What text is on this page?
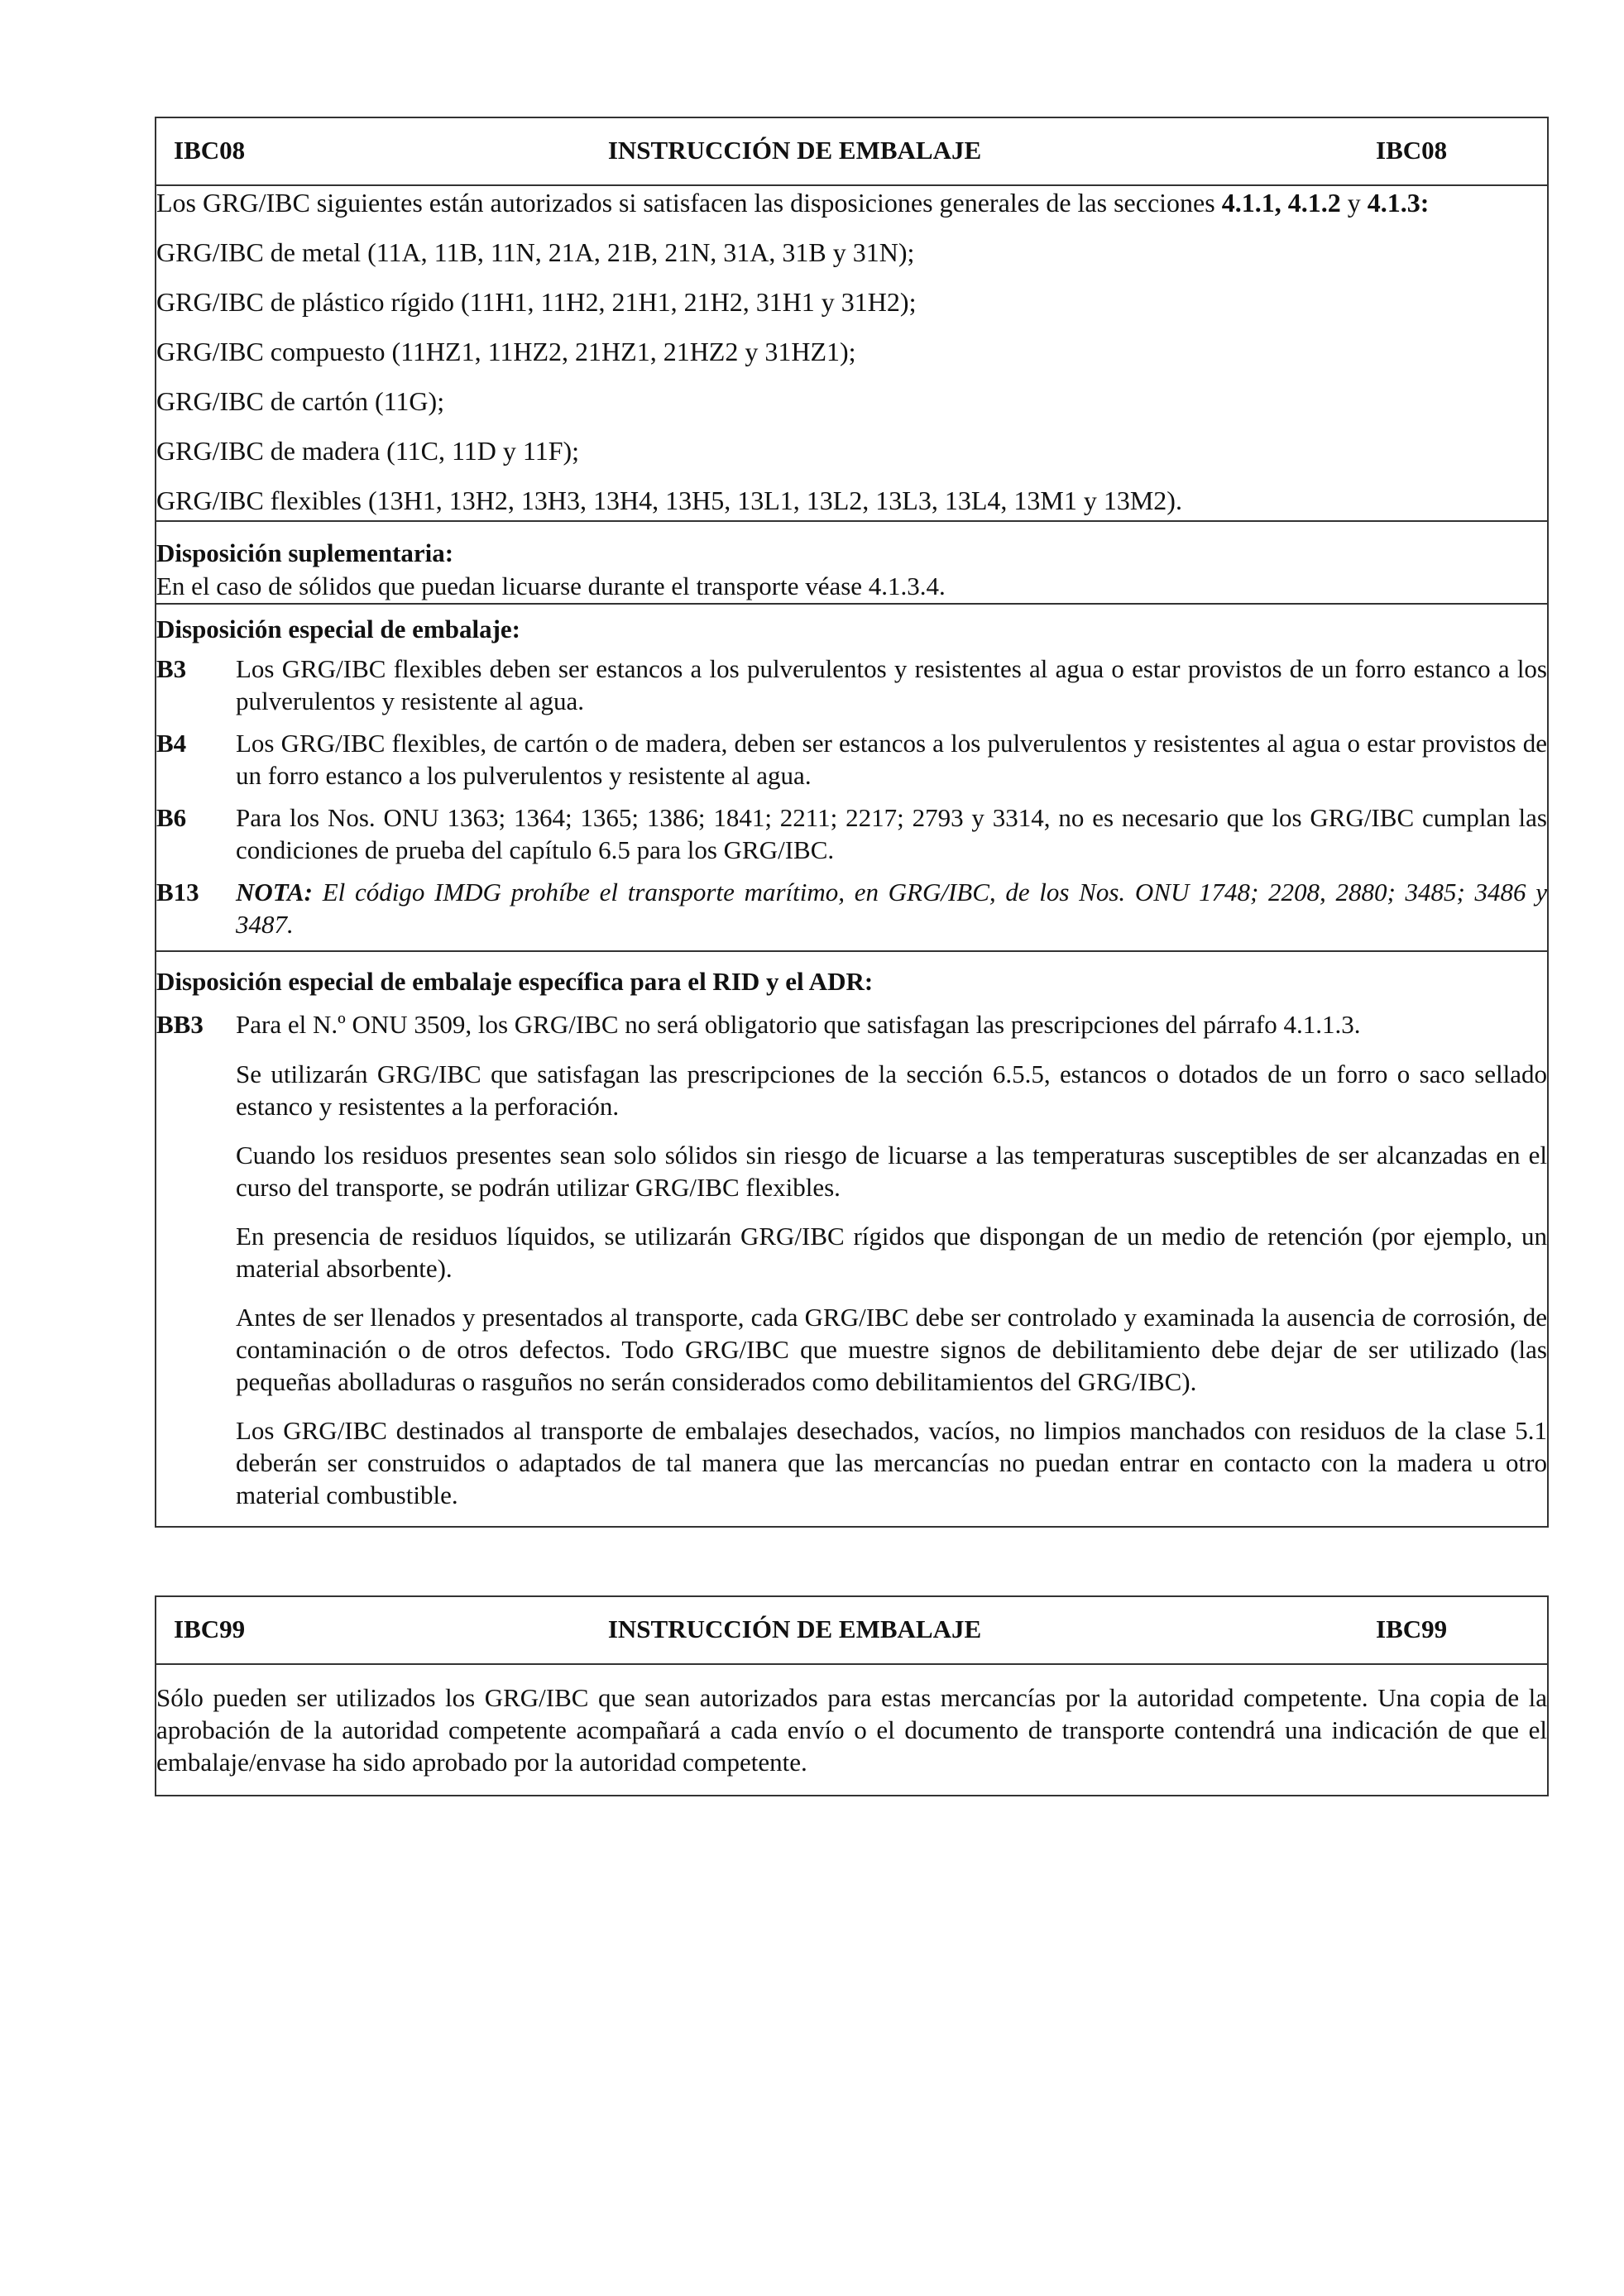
IBC08	INSTRUCCIÓN DE EMBALAJE	IBC08

Los GRG/IBC siguientes están autorizados si satisfacen las disposiciones generales de las secciones 4.1.1, 4.1.2 y 4.1.3:

GRG/IBC de metal (11A, 11B, 11N, 21A, 21B, 21N, 31A, 31B y 31N);

GRG/IBC de plástico rígido (11H1, 11H2, 21H1, 21H2, 31H1 y 31H2);

GRG/IBC compuesto (11HZ1, 11HZ2, 21HZ1, 21HZ2 y 31HZ1);

GRG/IBC de cartón (11G);

GRG/IBC de madera (11C, 11D y 11F);

GRG/IBC flexibles (13H1, 13H2, 13H3, 13H4, 13H5, 13L1, 13L2, 13L3, 13L4, 13M1 y 13M2).

Disposición suplementaria:

En el caso de sólidos que puedan licuarse durante el transporte véase 4.1.3.4.

Disposición especial de embalaje:

B3	Los GRG/IBC flexibles deben ser estancos a los pulverulentos y resistentes al agua o estar provistos de un forro estanco a los pulverulentos y resistente al agua.
B4	Los GRG/IBC flexibles, de cartón o de madera, deben ser estancos a los pulverulentos y resistentes al agua o estar provistos de un forro estanco a los pulverulentos y resistente al agua.
B6	Para los Nos. ONU 1363; 1364; 1365; 1386; 1841; 2211; 2217; 2793 y 3314, no es necesario que los GRG/IBC cumplan las condiciones de prueba del capítulo 6.5 para los GRG/IBC.
B13	NOTA: El código IMDG prohíbe el transporte marítimo, en GRG/IBC, de los Nos. ONU 1748; 2208, 2880; 3485; 3486 y 3487.

Disposición especial de embalaje específica para el RID y el ADR:

BB3	Para el N.º ONU 3509, los GRG/IBC no será obligatorio que satisfagan las prescripciones del párrafo 4.1.1.3.

Se utilizarán GRG/IBC que satisfagan las prescripciones de la sección 6.5.5, estancos o dotados de un forro o saco sellado estanco y resistentes a la perforación.

Cuando los residuos presentes sean solo sólidos sin riesgo de licuarse a las temperaturas susceptibles de ser alcanzadas en el curso del transporte, se podrán utilizar GRG/IBC flexibles.

En presencia de residuos líquidos, se utilizarán GRG/IBC rígidos que dispongan de un medio de retención (por ejemplo, un material absorbente).

Antes de ser llenados y presentados al transporte, cada GRG/IBC debe ser controlado y examinada la ausencia de corrosión, de contaminación o de otros defectos. Todo GRG/IBC que muestre signos de debilitamiento debe dejar de ser utilizado (las pequeñas abolladuras o rasguños no serán considerados como debilitamientos del GRG/IBC).

Los GRG/IBC destinados al transporte de embalajes desechados, vacíos, no limpios manchados con residuos de la clase 5.1 deberán ser construidos o adaptados de tal manera que las mercancías no puedan entrar en contacto con la madera u otro material combustible.

IBC99	INSTRUCCIÓN DE EMBALAJE	IBC99

Sólo pueden ser utilizados los GRG/IBC que sean autorizados para estas mercancías por la autoridad competente. Una copia de la aprobación de la autoridad competente acompañará a cada envío o el documento de transporte contendrá una indicación de que el embalaje/envase ha sido aprobado por la autoridad competente.
